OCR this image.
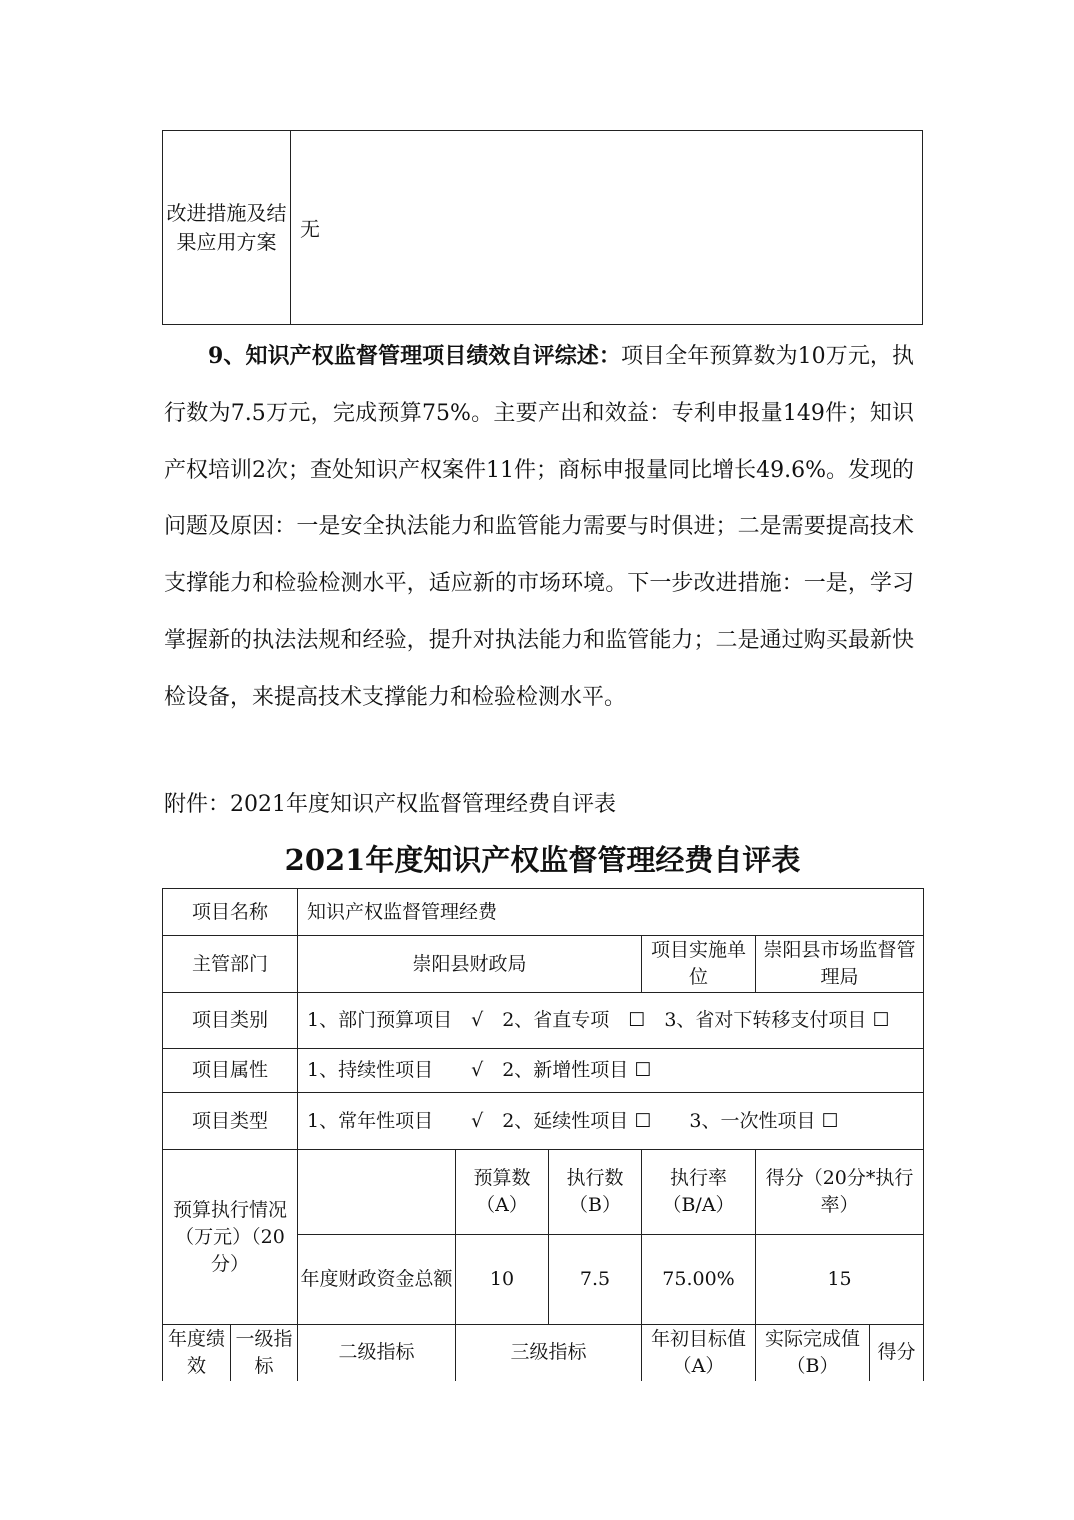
改进措施及结果应用方案	无

9、知识产权监督管理项目绩效自评综述：项目全年预算数为10万元，执行数为7.5万元，完成预算75%。主要产出和效益：专利申报量149件；知识产权培训2次；查处知识产权案件11件；商标申报量同比增长49.6%。发现的问题及原因：一是安全执法能力和监管能力需要与时俱进；二是需要提高技术支撑能力和检验检测水平，适应新的市场环境。下一步改进措施：一是，学习掌握新的执法法规和经验，提升对执法能力和监管能力；二是通过购买最新快检设备，来提高技术支撑能力和检验检测水平。

附件：2021年度知识产权监督管理经费自评表

2021年度知识产权监督管理经费自评表
项目名称		知识产权监督管理经费					
主管部门		崇阳县财政局			项目实施单位	崇阳县市场监督管理局	
项目类别		1、部门预算项目　√　2、省直专项　☐　3、省对下转移支付项目 ☐					
项目属性		1、持续性项目　　√　2、新增性项目 ☐					
项目类型		1、常年性项目　　√　2、延续性项目 ☐　　3、一次性项目 ☐					
预算执行情况（万元）（20分）			预算数（A）	执行数（B）	执行率（B/A）	得分（20分*执行率）	
		年度财政资金总额	10	7.5	75.00%	15	
年度绩效	一级指标	二级指标	三级指标		年初目标值（A）	实际完成值（B）	得分
